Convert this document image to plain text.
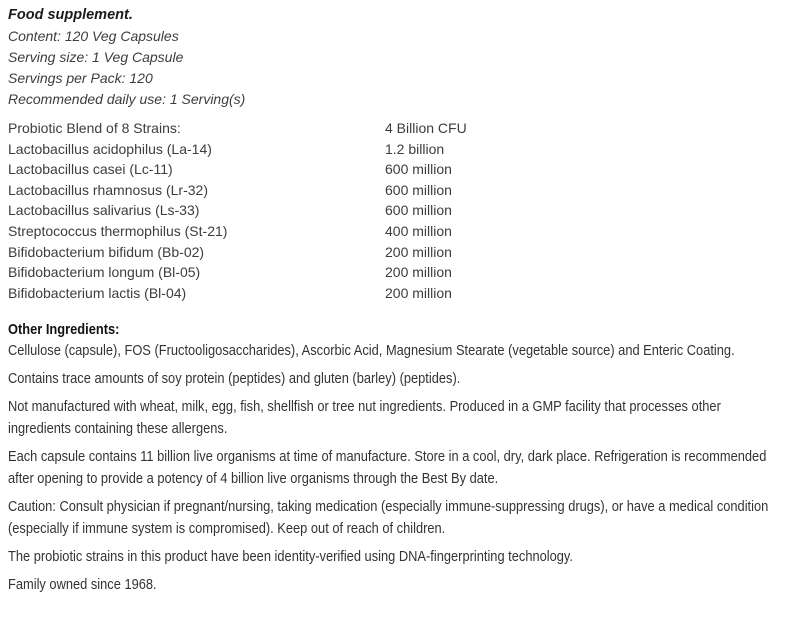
Food supplement.
Content: 120 Veg Capsules
Serving size: 1 Veg Capsule
Servings per Pack: 120
Recommended daily use: 1 Serving(s)
Probiotic Blend of 8 Strains:	4 Billion CFU
Lactobacillus acidophilus (La-14)	1.2 billion
Lactobacillus casei (Lc-11)	600 million
Lactobacillus rhamnosus (Lr-32)	600 million
Lactobacillus salivarius (Ls-33)	600 million
Streptococcus thermophilus (St-21)	400 million
Bifidobacterium bifidum (Bb-02)	200 million
Bifidobacterium longum (Bl-05)	200 million
Bifidobacterium lactis (Bl-04)	200 million
Other Ingredients:
Cellulose (capsule), FOS (Fructooligosaccharides), Ascorbic Acid, Magnesium Stearate (vegetable source) and Enteric Coating.
Contains trace amounts of soy protein (peptides) and gluten (barley) (peptides).
Not manufactured with wheat, milk, egg, fish, shellfish or tree nut ingredients. Produced in a GMP facility that processes other ingredients containing these allergens.
Each capsule contains 11 billion live organisms at time of manufacture. Store in a cool, dry, dark place. Refrigeration is recommended after opening to provide a potency of 4 billion live organisms through the Best By date.
Caution: Consult physician if pregnant/nursing, taking medication (especially immune-suppressing drugs), or have a medical condition (especially if immune system is compromised). Keep out of reach of children.
The probiotic strains in this product have been identity-verified using DNA-fingerprinting technology.
Family owned since 1968.
